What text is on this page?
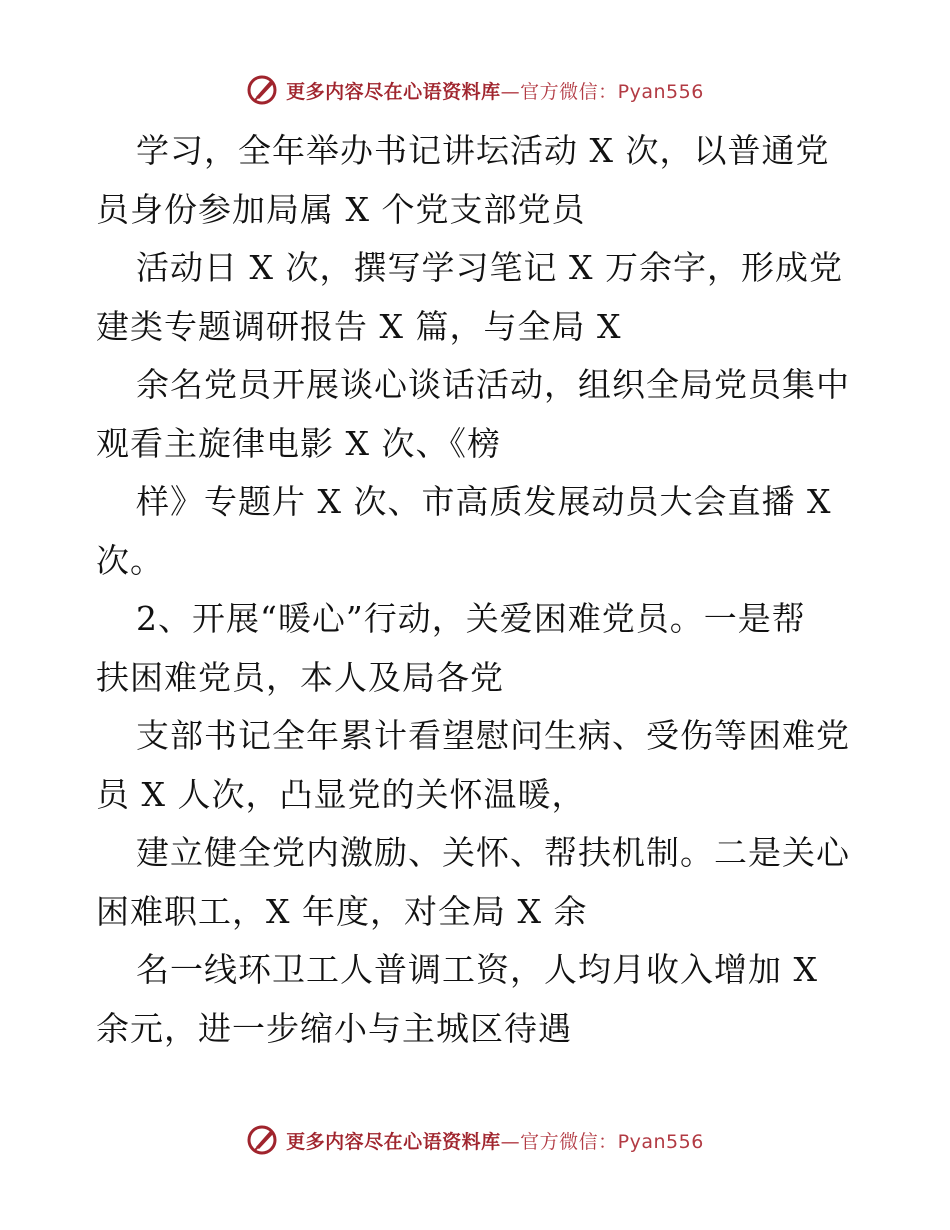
更多内容尽在心语资料库—官方微信：Pyan556
学习，全年举办书记讲坛活动 X 次，以普通党
员身份参加局属 X 个党支部党员
活动日 X 次，撰写学习笔记 X 万余字，形成党
建类专题调研报告 X 篇，与全局 X
余名党员开展谈心谈话活动，组织全局党员集中
观看主旋律电影 X 次、《榜
样》专题片 X 次、市高质发展动员大会直播 X
次。
2、开展“暖心”行动，关爱困难党员。一是帮
扶困难党员，本人及局各党
支部书记全年累计看望慰问生病、受伤等困难党
员 X 人次，凸显党的关怀温暖，
建立健全党内激励、关怀、帮扶机制。二是关心
困难职工，X 年度，对全局 X 余
名一线环卫工人普调工资，人均月收入增加 X
余元，进一步缩小与主城区待遇
更多内容尽在心语资料库—官方微信：Pyan556
